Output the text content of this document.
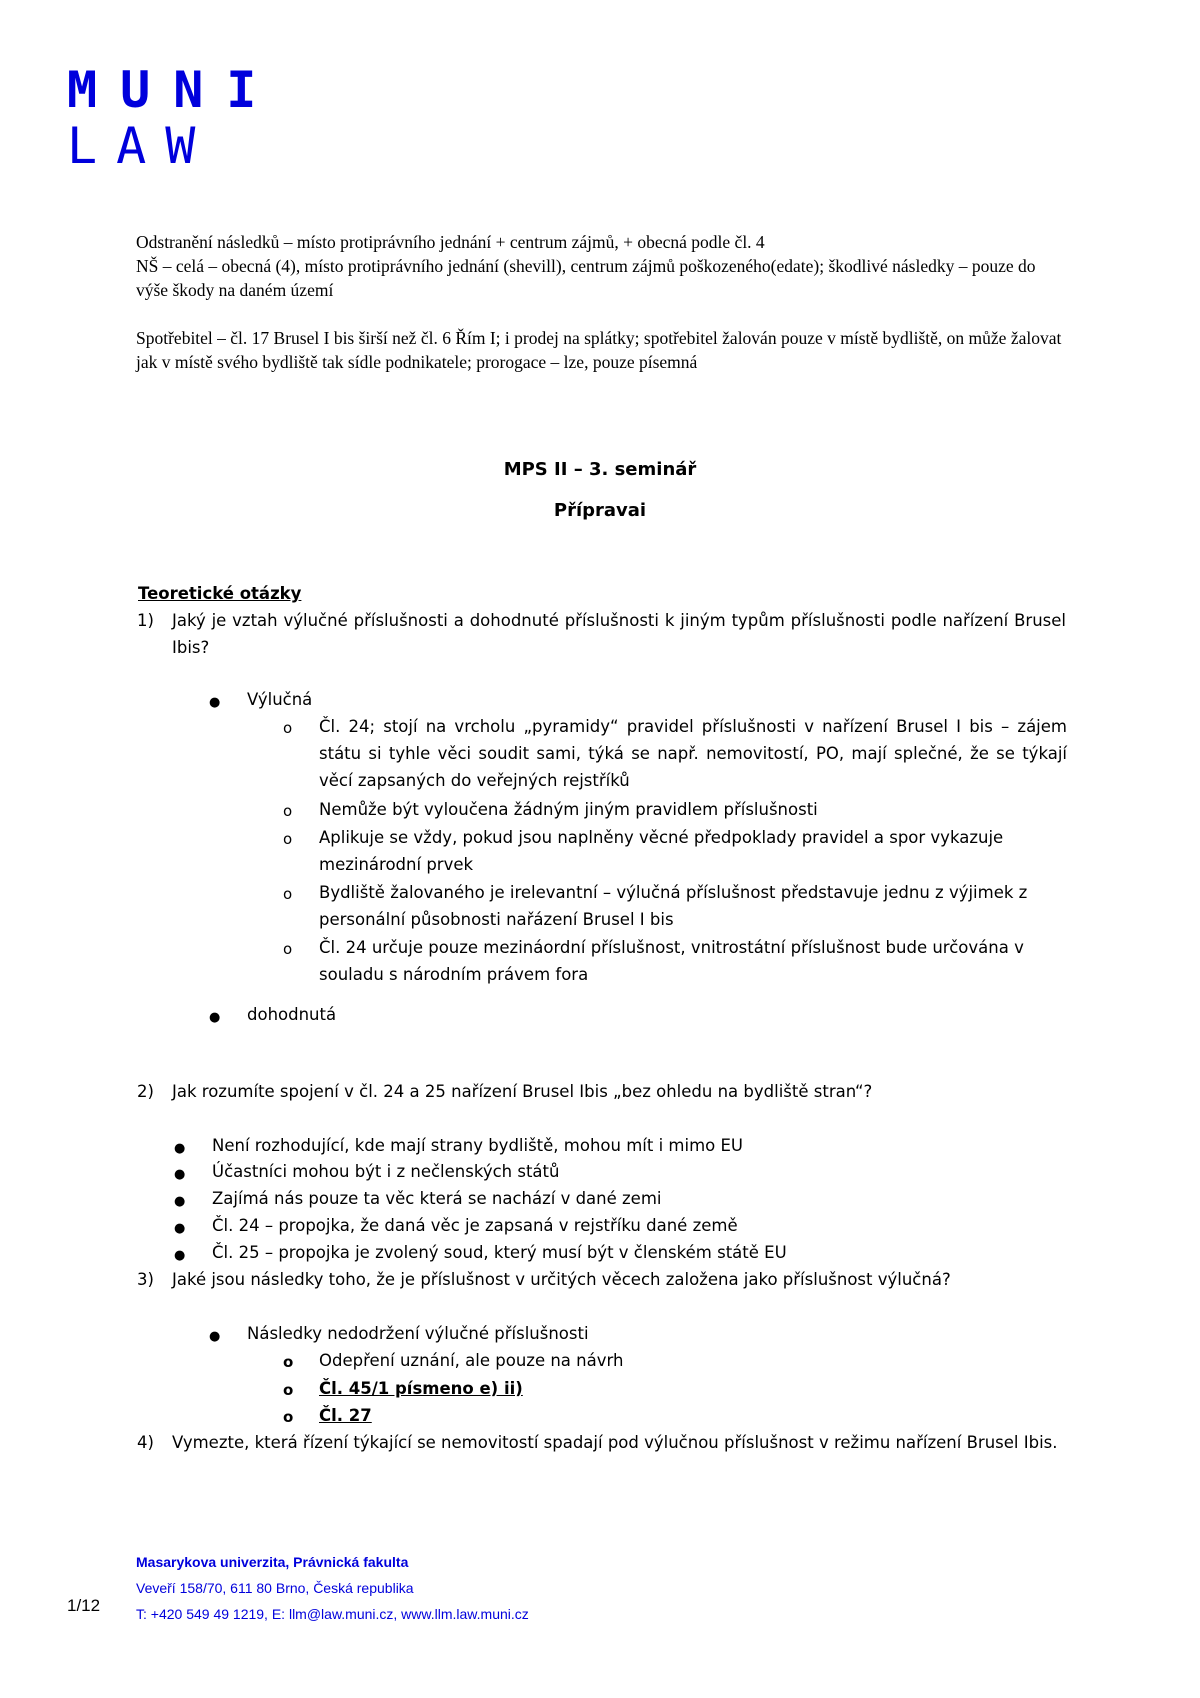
MUNI
LAW

Odstranění následků – místo protiprávního jednání + centrum zájmů, + obecná podle čl. 4

NŠ – celá – obecná (4), místo protiprávního jednání (shevill), centrum zájmů poškozeného(edate); škodlivé následky – pouze do výše škody na daném území

Spotřebitel – čl. 17 Brusel I bis širší než čl. 6 Řím I; i prodej na splátky; spotřebitel žalován pouze v místě bydliště, on může žalovat jak v místě svého bydliště tak sídle podnikatele; prorogace – lze, pouze písemná

MPS II – 3. seminář
Přípravai
Teoretické otázky
1) Jaký je vztah výlučné příslušnosti a dohodnuté příslušnosti k jiným typům příslušnosti podle nařízení Brusel Ibis?
● Výlučná
o Čl. 24; stojí na vrcholu „pyramidy“ pravidel příslušnosti v nařízení Brusel I bis – zájem státu si tyhle věci soudit sami, týká se např. nemovitostí, PO, mají splečné, že se týkají věcí zapsaných do veřejných rejstříků
o Nemůže být vyloučena žádným jiným pravidlem příslušnosti
o Aplikuje se vždy, pokud jsou naplněny věcné předpoklady pravidel a spor vykazuje mezinárodní prvek
o Bydliště žalovaného je irelevantní – výlučná příslušnost představuje jednu z výjimek z personální působnosti nařázení Brusel I bis
o Čl. 24 určuje pouze mezináordní příslušnost, vnitrostátní příslušnost bude určována v souladu s národním právem fora
● dohodnutá
2) Jak rozumíte spojení v čl. 24 a 25 nařízení Brusel Ibis „bez ohledu na bydliště stran“?
● Není rozhodující, kde mají strany bydliště, mohou mít i mimo EU
● Účastníci mohou být i z nečlenských států
● Zajímá nás pouze ta věc která se nachází v dané zemi
● Čl. 24 – propojka, že daná věc je zapsaná v rejstříku dané země
● Čl. 25 – propojka je zvolený soud, který musí být v členském státě EU
3) Jaké jsou následky toho, že je příslušnost v určitých věcech založena jako příslušnost výlučná?
● Následky nedodržení výlučné příslušnosti
o Odepření uznání, ale pouze na návrh
o Čl. 45/1 písmeno e) ii)
o Čl. 27
4) Vymezte, která řízení týkající se nemovitostí spadají pod výlučnou příslušnost v režimu nařízení Brusel Ibis.
Masarykova univerzita, Právnická fakulta
Veveří 158/70, 611 80 Brno, Česká republika
T: +420 549 49 1219, E: llm@law.muni.cz, www.llm.law.muni.cz
1/12
